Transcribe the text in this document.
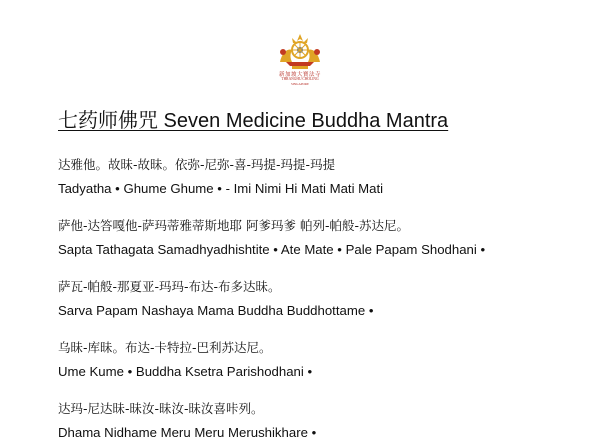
新加坡大寶法寺
THRANGHU CHOLING
SINGAPORE
七药师佛咒 Seven Medicine Buddha Mantra
达雅他。故昧-故昧。依弥-尼弥-喜-玛提-玛提-玛提
Tadyatha • Ghume Ghume • - Imi Nimi Hi Mati Mati Mati
萨他-达答嘎他-萨玛蒂雅蒂斯地耶 阿爹玛爹 帕列-帕般-苏达尼。
Sapta Tathagata Samadhyadhishtite • Ate Mate • Pale Papam Shodhani •
萨瓦-帕般-那夏亚-玛玛-布达-布多达昧。
Sarva Papam Nashaya Mama Buddha Buddhottame •
乌昧-库昧。布达-卡特拉-巴利苏达尼。
Ume Kume • Buddha Ksetra Parishodhani •
达玛-尼达昧-昧汝-昧汝-昧汝喜咔列。
Dhama Nidhame Meru Meru Merushikhare •
